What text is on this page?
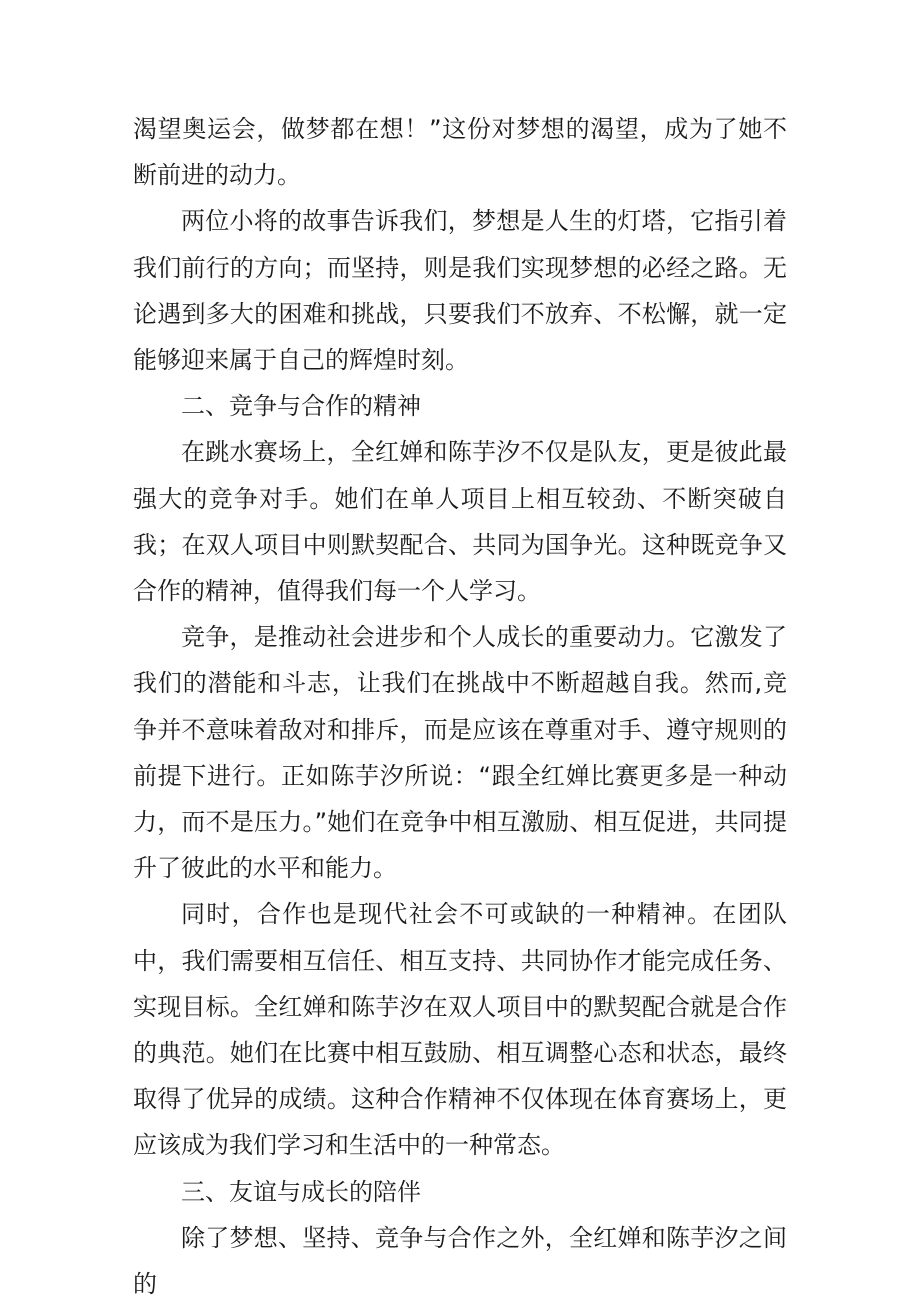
渴望奥运会，做梦都在想！”这份对梦想的渴望，成为了她不断前进的动力。

两位小将的故事告诉我们，梦想是人生的灯塔，它指引着我们前行的方向；而坚持，则是我们实现梦想的必经之路。无论遇到多大的困难和挑战，只要我们不放弃、不松懈，就一定能够迎来属于自己的辉煌时刻。

二、竞争与合作的精神

在跳水赛场上，全红婵和陈芋汐不仅是队友，更是彼此最强大的竞争对手。她们在单人项目上相互较劲、不断突破自我；在双人项目中则默契配合、共同为国争光。这种既竞争又合作的精神，值得我们每一个人学习。

竞争，是推动社会进步和个人成长的重要动力。它激发了我们的潜能和斗志，让我们在挑战中不断超越自我。然而,竞争并不意味着敌对和排斥，而是应该在尊重对手、遵守规则的前提下进行。正如陈芋汐所说：“跟全红婵比赛更多是一种动力，而不是压力。”她们在竞争中相互激励、相互促进，共同提升了彼此的水平和能力。

同时，合作也是现代社会不可或缺的一种精神。在团队中，我们需要相互信任、相互支持、共同协作才能完成任务、实现目标。全红婵和陈芋汐在双人项目中的默契配合就是合作的典范。她们在比赛中相互鼓励、相互调整心态和状态，最终取得了优异的成绩。这种合作精神不仅体现在体育赛场上，更应该成为我们学习和生活中的一种常态。

三、友谊与成长的陪伴

除了梦想、坚持、竞争与合作之外，全红婵和陈芋汐之间的
